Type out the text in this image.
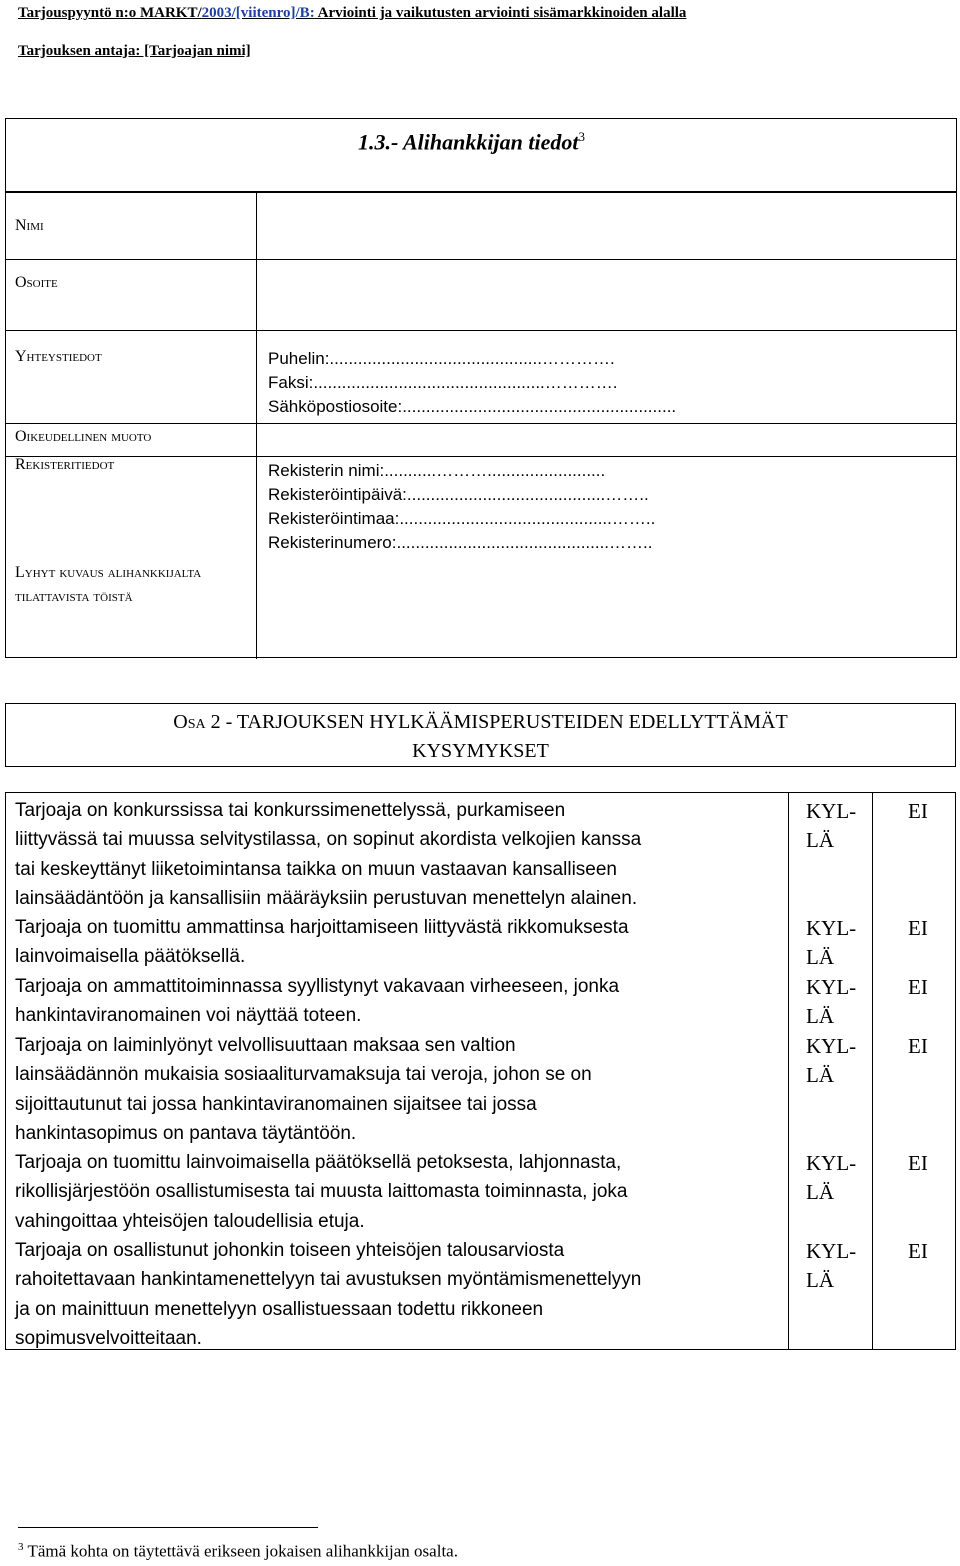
Tarjouspyyntö n:o MARKT/2003/[viitenro]/B: Arviointi ja vaikutusten arviointi sisämarkkinoiden alalla
Tarjouksen antaja: [Tarjoajan nimi]
1.3.- Alihankkijan tiedot$^3$
Nimi
Osoite
Yhteystiedot
Oikeudellinen muoto
Rekisteritiedot
Lyhyt kuvaus alihankkijalta tilattavista töistä
Puhelin:.............................................………….
Faksi:.................................................………….
Sähköpostiosoite:..........................................................
Rekisterin nimi:...........……….........................
Rekisteröintipäivä:..........................................……..
Rekisteröintimaa:.............................................……..
Rekisterinumero:.............................................……..
Osa 2 - TARJOUKSEN HYLKÄÄMISPERUSTEIDEN EDELLYTTÄMÄT
KYSYMYKSET
Tarjoaja on konkurssissa tai konkurssimenettelyssä, purkamiseen
liittyvässä tai muussa selvitystilassa, on sopinut akordista velkojien kanssa
tai keskeyttänyt liiketoimintansa taikka on muun vastaavan kansalliseen
lainsäädäntöön ja kansallisiin määräyksiin perustuvan menettelyn alainen.
KYL-
LÄ
EI
Tarjoaja on tuomittu ammattinsa harjoittamiseen liittyvästä rikkomuksesta
lainvoimaisella päätöksellä.
KYL-
LÄ
EI
Tarjoaja on ammattitoiminnassa syyllistynyt vakavaan virheeseen, jonka
hankintaviranomainen voi näyttää toteen.
KYL-
LÄ
EI
Tarjoaja on laiminlyönyt velvollisuuttaan maksaa sen valtion
lainsäädännön mukaisia sosiaaliturvamaksuja tai veroja, johon se on
sijoittautunut tai jossa hankintaviranomainen sijaitsee tai jossa
hankintasopimus on pantava täytäntöön.
KYL-
LÄ
EI
Tarjoaja on tuomittu lainvoimaisella päätöksellä petoksesta, lahjonnasta,
rikollisjärjestöön osallistumisesta tai muusta laittomasta toiminnasta, joka
vahingoittaa yhteisöjen taloudellisia etuja.
KYL-
LÄ
EI
Tarjoaja on osallistunut johonkin toiseen yhteisöjen talousarviosta
rahoitettavaan hankintamenettelyyn tai avustuksen myöntämismenettelyyn
ja on mainittuun menettelyyn osallistuessaan todettu rikkoneen
sopimusvelvoitteitaan.
KYL-
LÄ
EI
$^3$ Tämä kohta on täytettävä erikseen jokaisen alihankkijan osalta.
